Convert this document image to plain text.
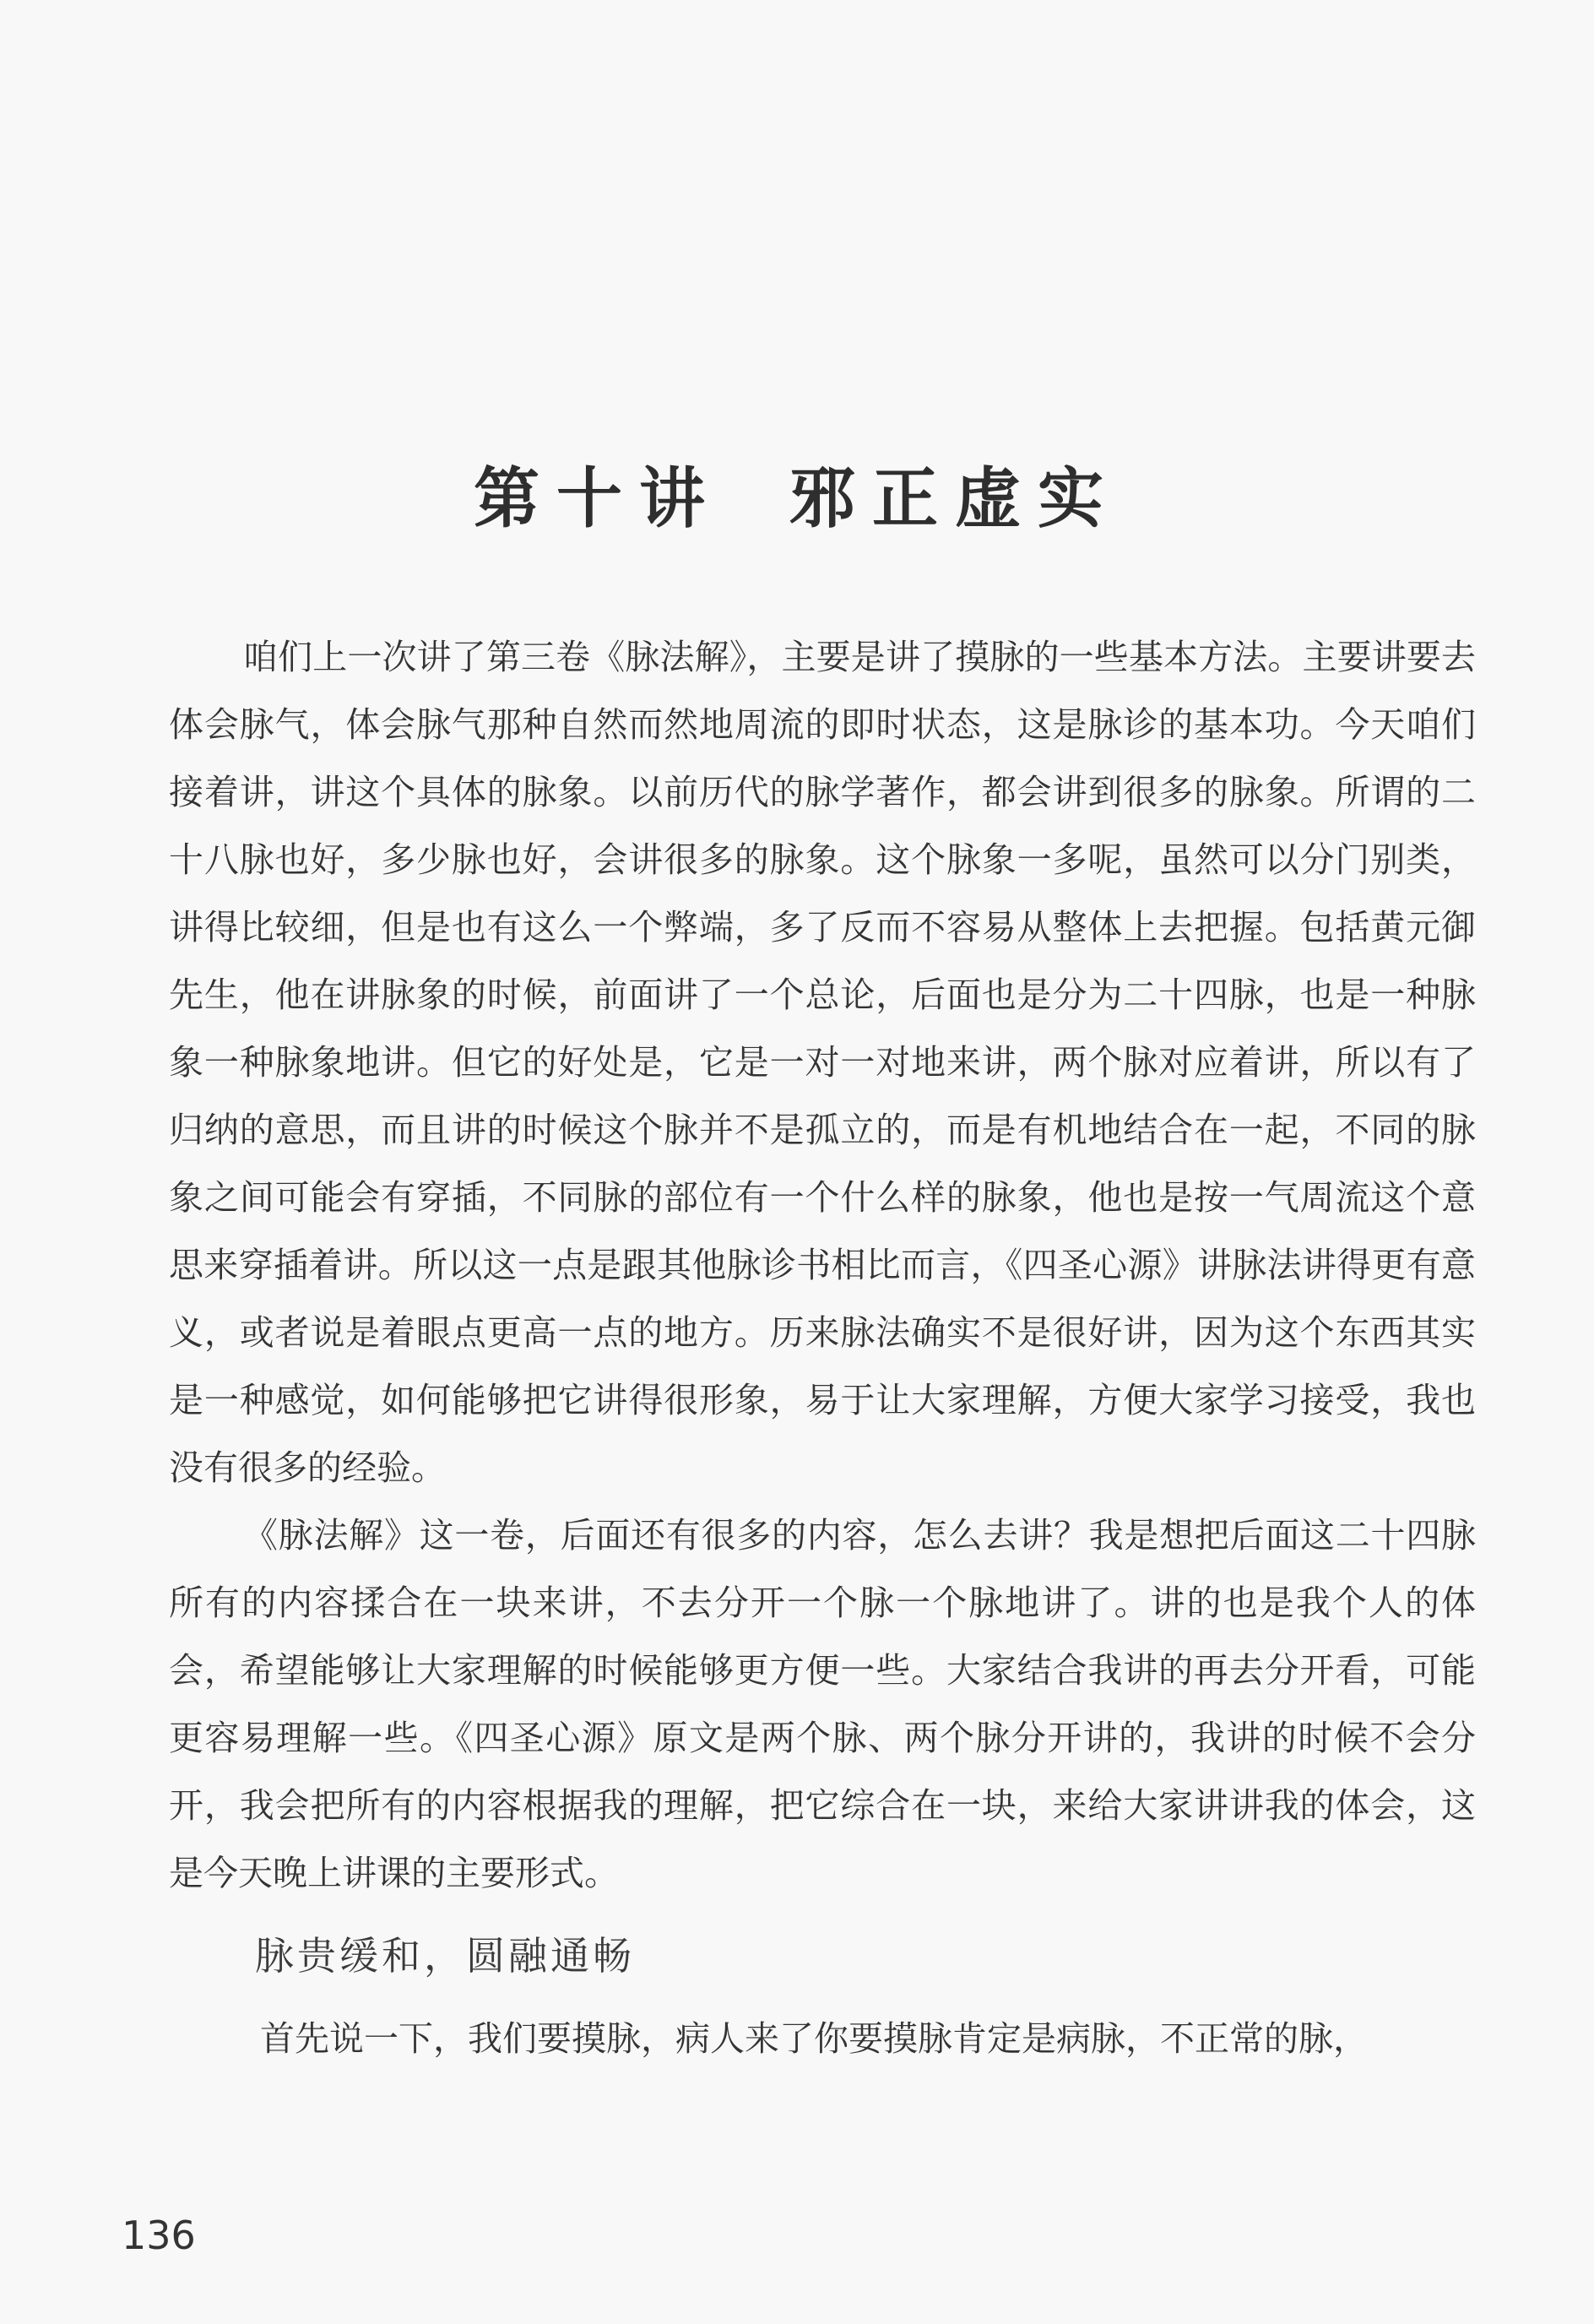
第十讲 邪正虚实

咱们上一次讲了第三卷《脉法解》，主要是讲了摸脉的一些基本方法。主要讲要去体会脉气，体会脉气那种自然而然地周流的即时状态，这是脉诊的基本功。今天咱们接着讲，讲这个具体的脉象。以前历代的脉学著作，都会讲到很多的脉象。所谓的二十八脉也好，多少脉也好，会讲很多的脉象。这个脉象一多呢，虽然可以分门别类，讲得比较细，但是也有这么一个弊端，多了反而不容易从整体上去把握。包括黄元御先生，他在讲脉象的时候，前面讲了一个总论，后面也是分为二十四脉，也是一种脉象一种脉象地讲。但它的好处是，它是一对一对地来讲，两个脉对应着讲，所以有了归纳的意思，而且讲的时候这个脉并不是孤立的，而是有机地结合在一起，不同的脉象之间可能会有穿插，不同脉的部位有一个什么样的脉象，他也是按一气周流这个意思来穿插着讲。所以这一点是跟其他脉诊书相比而言，《四圣心源》讲脉法讲得更有意义，或者说是着眼点更高一点的地方。历来脉法确实不是很好讲，因为这个东西其实是一种感觉，如何能够把它讲得很形象，易于让大家理解，方便大家学习接受，我也没有很多的经验。

《脉法解》这一卷，后面还有很多的内容，怎么去讲？我是想把后面这二十四脉所有的内容揉合在一块来讲，不去分开一个脉一个脉地讲了。讲的也是我个人的体会，希望能够让大家理解的时候能够更方便一些。大家结合我讲的再去分开看，可能更容易理解一些。《四圣心源》原文是两个脉、两个脉分开讲的，我讲的时候不会分开，我会把所有的内容根据我的理解，把它综合在一块，来给大家讲讲我的体会，这是今天晚上讲课的主要形式。

脉贵缓和，圆融通畅

首先说一下，我们要摸脉，病人来了你要摸脉肯定是病脉，不正常的脉，

136
